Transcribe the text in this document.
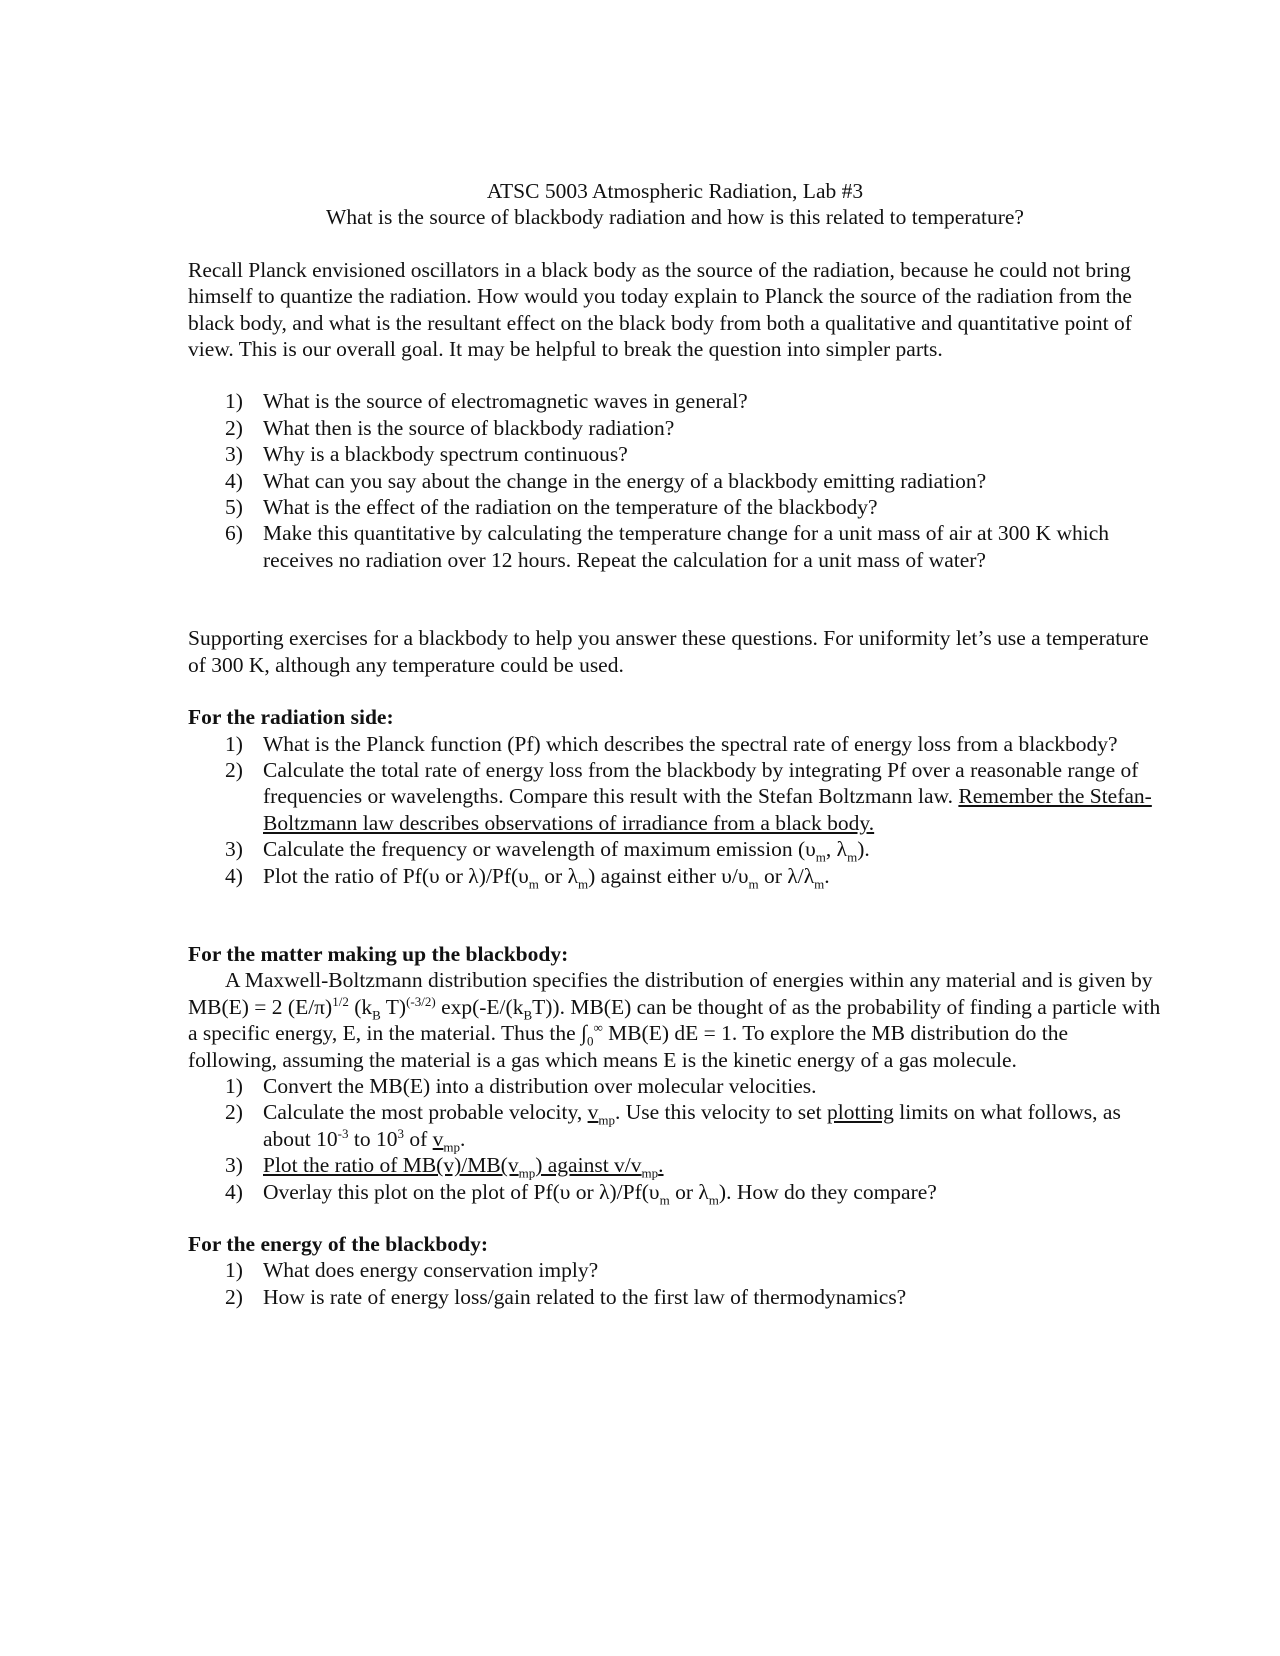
ATSC 5003 Atmospheric Radiation, Lab #3

What is the source of blackbody radiation and how is this related to temperature?

Recall Planck envisioned oscillators in a black body as the source of the radiation, because he could not bring himself to quantize the radiation. How would you today explain to Planck the source of the radiation from the black body, and what is the resultant effect on the black body from both a qualitative and quantitative point of view. This is our overall goal. It may be helpful to break the question into simpler parts.

1) What is the source of electromagnetic waves in general?
2) What then is the source of blackbody radiation?
3) Why is a blackbody spectrum continuous?
4) What can you say about the change in the energy of a blackbody emitting radiation?
5) What is the effect of the radiation on the temperature of the blackbody?
6) Make this quantitative by calculating the temperature change for a unit mass of air at 300 K which receives no radiation over 12 hours. Repeat the calculation for a unit mass of water?

Supporting exercises for a blackbody to help you answer these questions. For uniformity let’s use a temperature of 300 K, although any temperature could be used.

For the radiation side:

1) What is the Planck function (Pf) which describes the spectral rate of energy loss from a blackbody?
2) Calculate the total rate of energy loss from the blackbody by integrating Pf over a reasonable range of frequencies or wavelengths. Compare this result with the Stefan Boltzmann law. Remember the Stefan-Boltzmann law describes observations of irradiance from a black body.
3) Calculate the frequency or wavelength of maximum emission ($\upsilon_m$, $\lambda_m$).
4) Plot the ratio of Pf(υ or $\lambda)/Pf(\upsilon_m$ or $\lambda_m$) against either $\upsilon/\upsilon_m$ or $\lambda/\lambda_m$.

For the matter making up the blackbody:

A Maxwell-Boltzmann distribution specifies the distribution of energies within any material and is given by MB(E) = 2 $(E/\pi)^{1/2}$ ($k_B$ T)$^{(-3/2)}$ $\exp(-E/(k_BT))$. MB(E) can be thought of as the probability of finding a particle with a specific energy, E, in the material. Thus the $\int_0^\infty$ MB(E) dE = 1. To explore the MB distribution do the following, assuming the material is a gas which means E is the kinetic energy of a gas molecule.

1) Convert the MB(E) into a distribution over molecular velocities.
2) Calculate the most probable velocity, $v_{mp}$. Use this velocity to set plotting limits on what follows, as about $10^{-3}$ to $10^3$ of $v_{mp}$.
3) Plot the ratio of $MB(v)/MB(v_{mp})$ against $v/v_{mp}$.
4) Overlay this plot on the plot of Pf(υ or $\lambda)/Pf(\upsilon_m$ or $\lambda_m$). How do they compare?

For the energy of the blackbody:

1) What does energy conservation imply?
2) How is rate of energy loss/gain related to the first law of thermodynamics?
